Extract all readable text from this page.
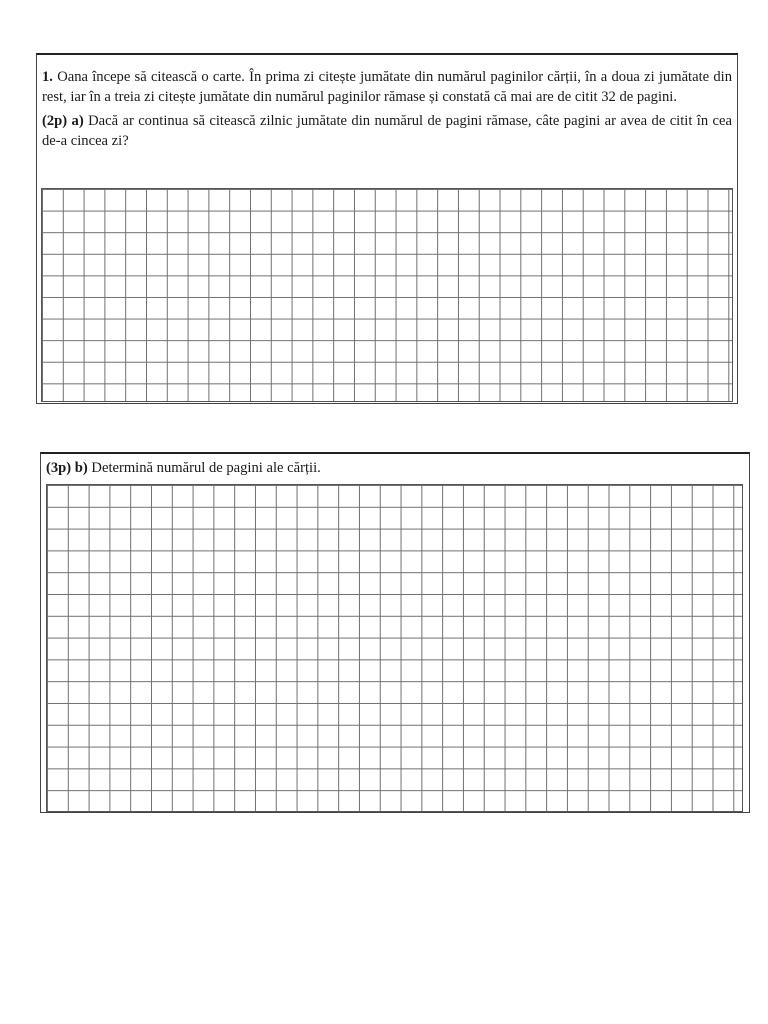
1. Oana începe să citească o carte. În prima zi citește jumătate din numărul paginilor cărții, în a doua zi jumătate din rest, iar în a treia zi citește jumătate din numărul paginilor rămase și constată că mai are de citit 32 de pagini.

(2p) a) Dacă ar continua să citească zilnic jumătate din numărul de pagini rămase, câte pagini ar avea de citit în cea de-a cincea zi?

(3p) b) Determină numărul de pagini ale cărții.
